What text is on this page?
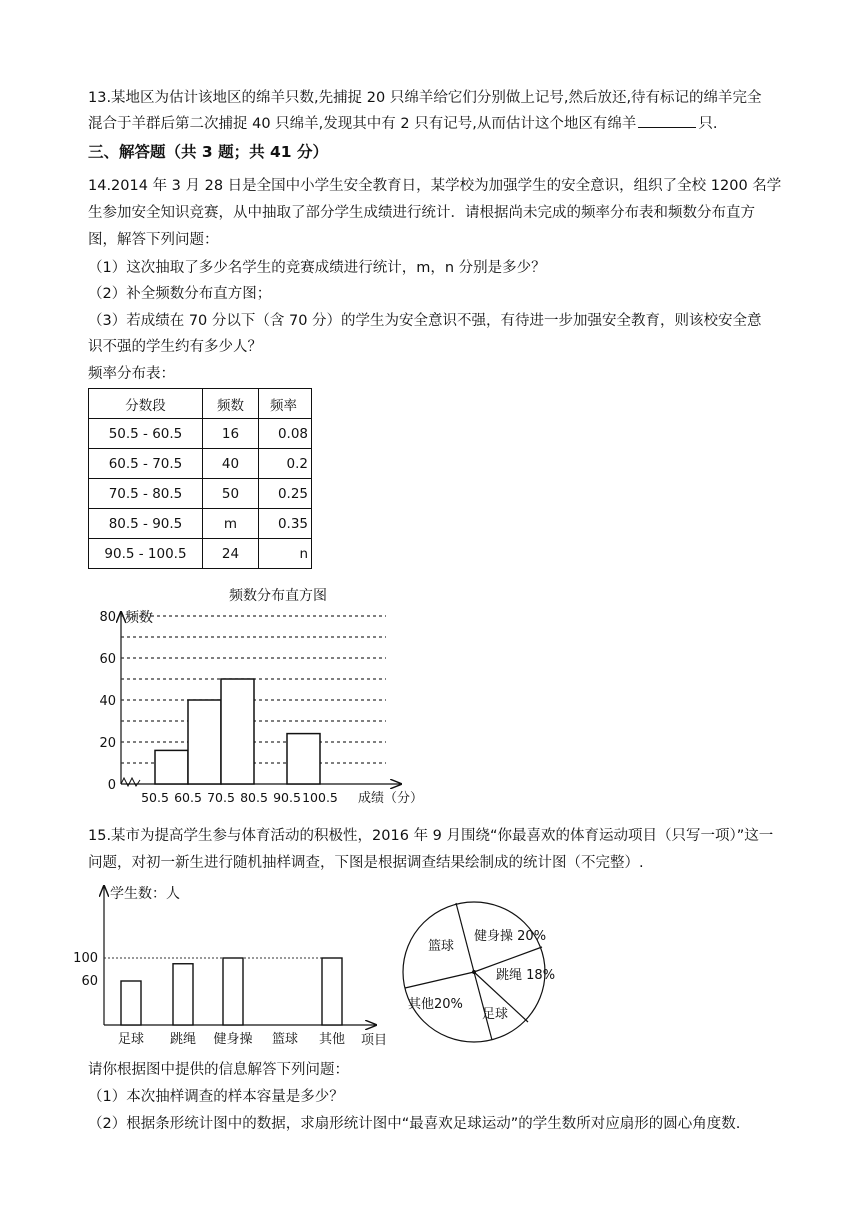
13.某地区为估计该地区的绵羊只数,先捕捉 20 只绵羊给它们分别做上记号,然后放还,待有标记的绵羊完全
混合于羊群后第二次捕捉 40 只绵羊,发现其中有 2 只有记号,从而估计这个地区有绵羊	只.
三、解答题（共 3 题；共 41 分）
14.2014 年 3 月 28 日是全国中小学生安全教育日，某学校为加强学生的安全意识，组织了全校 1200 名学
生参加安全知识竞赛，从中抽取了部分学生成绩进行统计．请根据尚未完成的频率分布表和频数分布直方
图，解答下列问题：
（1）这次抽取了多少名学生的竞赛成绩进行统计，m，n 分别是多少？
（2）补全频数分布直方图；
（3）若成绩在 70 分以下（含 70 分）的学生为安全意识不强，有待进一步加强安全教育，则该校安全意
识不强的学生约有多少人？
频率分布表：
分数段	频数	频率
50.5 - 60.5	16	0.08
60.5 - 70.5	40	0.2
70.5 - 80.5	50	0.25
80.5 - 90.5	m	0.35
90.5 - 100.5	24	n
频数分布直方图
频数
成绩（分）
0
20
40
60
80
50.5 60.5 70.5 80.5 90.5 100.5
15.某市为提高学生参与体育活动的积极性，2016 年 9 月围绕“你最喜欢的体育运动项目（只写一项）”这一
问题，对初一新生进行随机抽样调查，下图是根据调查结果绘制成的统计图（不完整）.
学生数：人
项目
60
100
足球 跳绳 健身操 篮球 其他
篮球
健身操 20%
跳绳 18%
足球
其他20%
请你根据图中提供的信息解答下列问题：
（1）本次抽样调查的样本容量是多少？
（2）根据条形统计图中的数据，求扇形统计图中“最喜欢足球运动”的学生数所对应扇形的圆心角度数.
